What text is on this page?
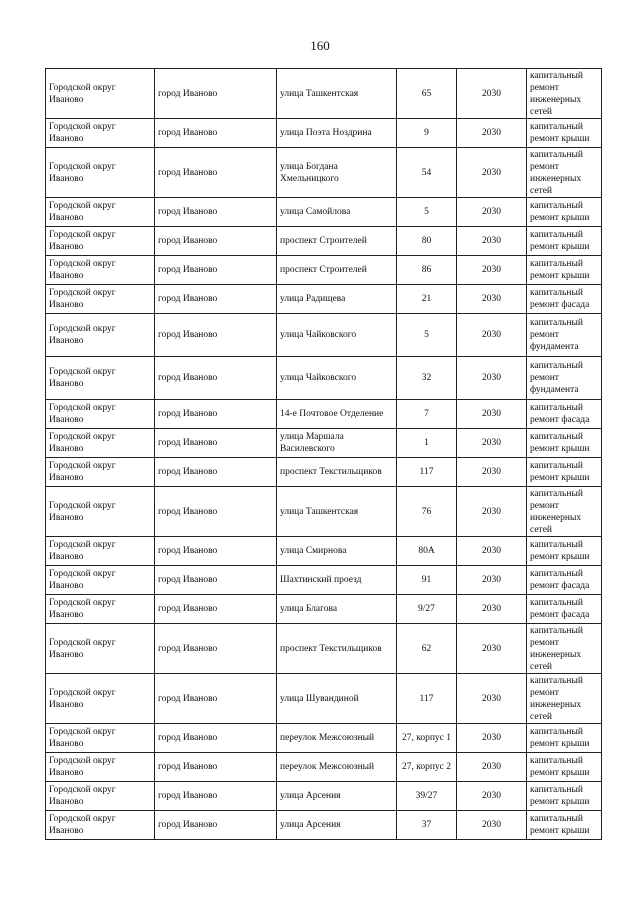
160
Городской округ Иваново	город Иваново	улица Ташкентская	65	2030	капитальный ремонт инженерных сетей
Городской округ Иваново	город Иваново	улица Поэта Ноздрина	9	2030	капитальный ремонт крыши
Городской округ Иваново	город Иваново	улица Богдана Хмельницкого	54	2030	капитальный ремонт инженерных сетей
Городской округ Иваново	город Иваново	улица Самойлова	5	2030	капитальный ремонт крыши
Городской округ Иваново	город Иваново	проспект Строителей	80	2030	капитальный ремонт крыши
Городской округ Иваново	город Иваново	проспект Строителей	86	2030	капитальный ремонт крыши
Городской округ Иваново	город Иваново	улица Радищева	21	2030	капитальный ремонт фасада
Городской округ Иваново	город Иваново	улица Чайковского	5	2030	капитальный ремонт фундамента
Городской округ Иваново	город Иваново	улица Чайковского	32	2030	капитальный ремонт фундамента
Городской округ Иваново	город Иваново	14-е Почтовое Отделение	7	2030	капитальный ремонт фасада
Городской округ Иваново	город Иваново	улица Маршала Василевского	1	2030	капитальный ремонт крыши
Городской округ Иваново	город Иваново	проспект Текстильщиков	117	2030	капитальный ремонт крыши
Городской округ Иваново	город Иваново	улица Ташкентская	76	2030	капитальный ремонт инженерных сетей
Городской округ Иваново	город Иваново	улица Смирнова	80А	2030	капитальный ремонт крыши
Городской округ Иваново	город Иваново	Шахтинский проезд	91	2030	капитальный ремонт фасада
Городской округ Иваново	город Иваново	улица Благова	9/27	2030	капитальный ремонт фасада
Городской округ Иваново	город Иваново	проспект Текстильщиков	62	2030	капитальный ремонт инженерных сетей
Городской округ Иваново	город Иваново	улица Шувандиной	117	2030	капитальный ремонт инженерных сетей
Городской округ Иваново	город Иваново	переулок Межсоюзный	27, корпус 1	2030	капитальный ремонт крыши
Городской округ Иваново	город Иваново	переулок Межсоюзный	27, корпус 2	2030	капитальный ремонт крыши
Городской округ Иваново	город Иваново	улица Арсения	39/27	2030	капитальный ремонт крыши
Городской округ Иваново	город Иваново	улица Арсения	37	2030	капитальный ремонт крыши
